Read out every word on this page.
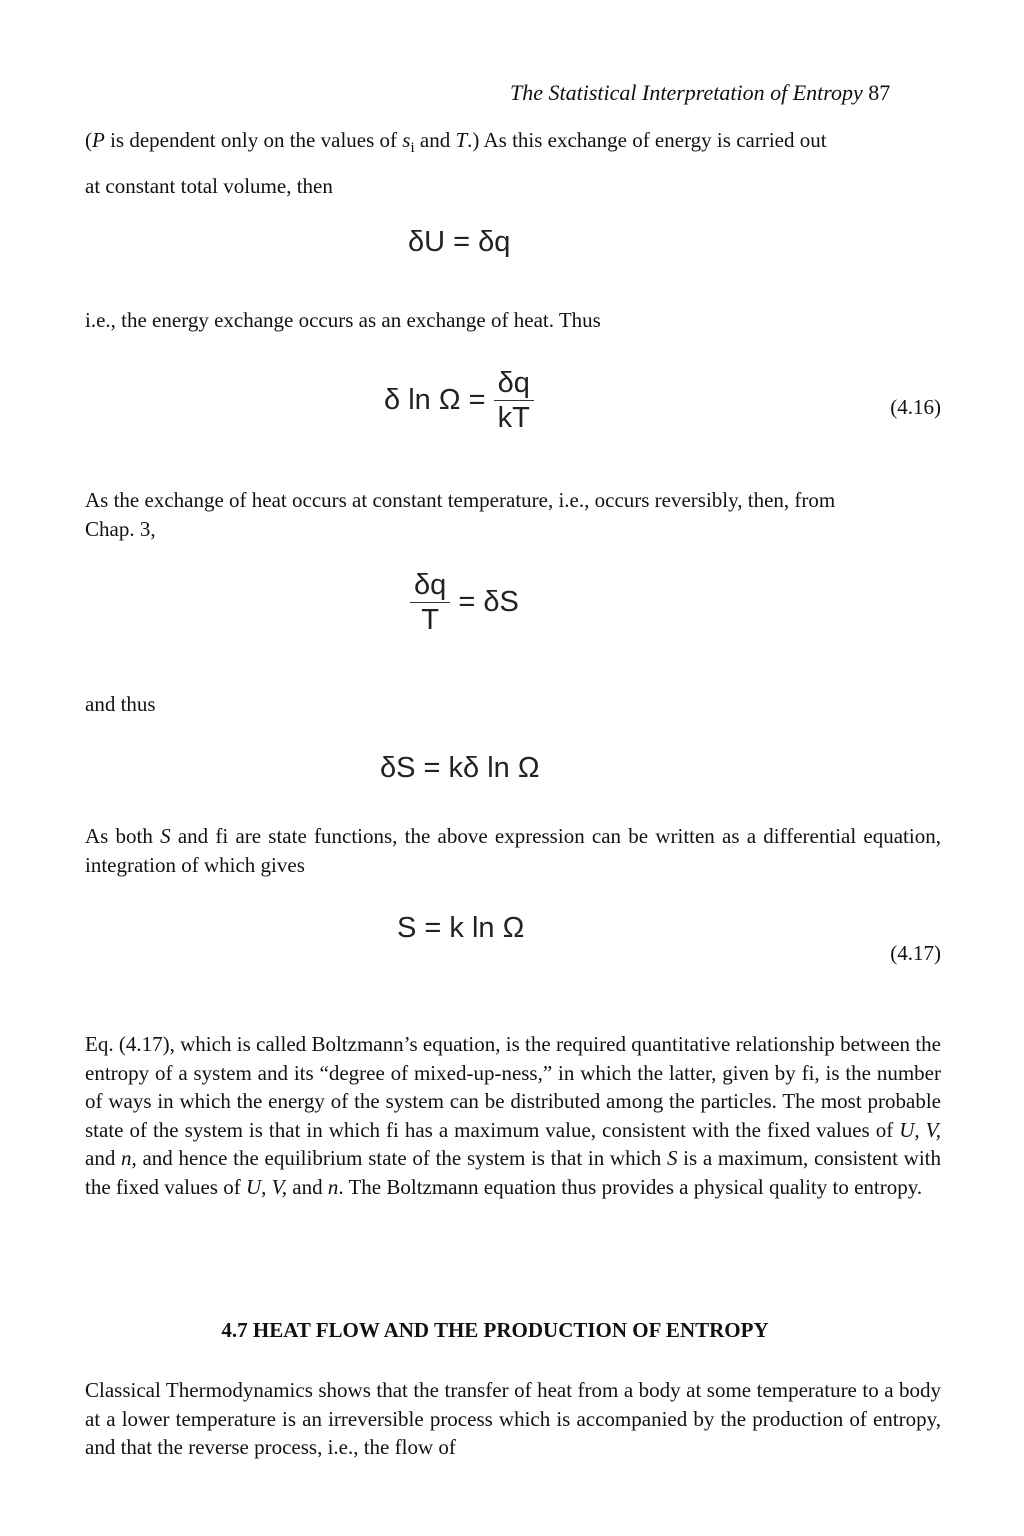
The Statistical Interpretation of Entropy 87
(P is dependent only on the values of $s_i$ and T.) As this exchange of energy is carried out
at constant total volume, then
δU = δq
i.e., the energy exchange occurs as an exchange of heat. Thus
δ $\ln \Omega = \frac{\delta q}{kT}$	(4.16)
As the exchange of heat occurs at constant temperature, i.e., occurs reversibly, then, from
Chap. 3,
$\frac{\delta q}{T} = \delta S$
and thus
δS = kδ ln Ω
As both S and fi are state functions, the above expression can be written as a differential equation, integration of which gives
S = k ln Ω
(4.17)
Eq. (4.17), which is called Boltzmann’s equation, is the required quantitative relationship between the entropy of a system and its “degree of mixed-up-ness,” in which the latter, given by fi, is the number of ways in which the energy of the system can be distributed among the particles. The most probable state of the system is that in which fi has a maximum value, consistent with the fixed values of U, V, and n, and hence the equilibrium state of the system is that in which S is a maximum, consistent with the fixed values of U, V, and n. The Boltzmann equation thus provides a physical quality to entropy.
4.7 HEAT FLOW AND THE PRODUCTION OF ENTROPY
Classical Thermodynamics shows that the transfer of heat from a body at some temperature to a body at a lower temperature is an irreversible process which is accompanied by the production of entropy, and that the reverse process, i.e., the flow of
